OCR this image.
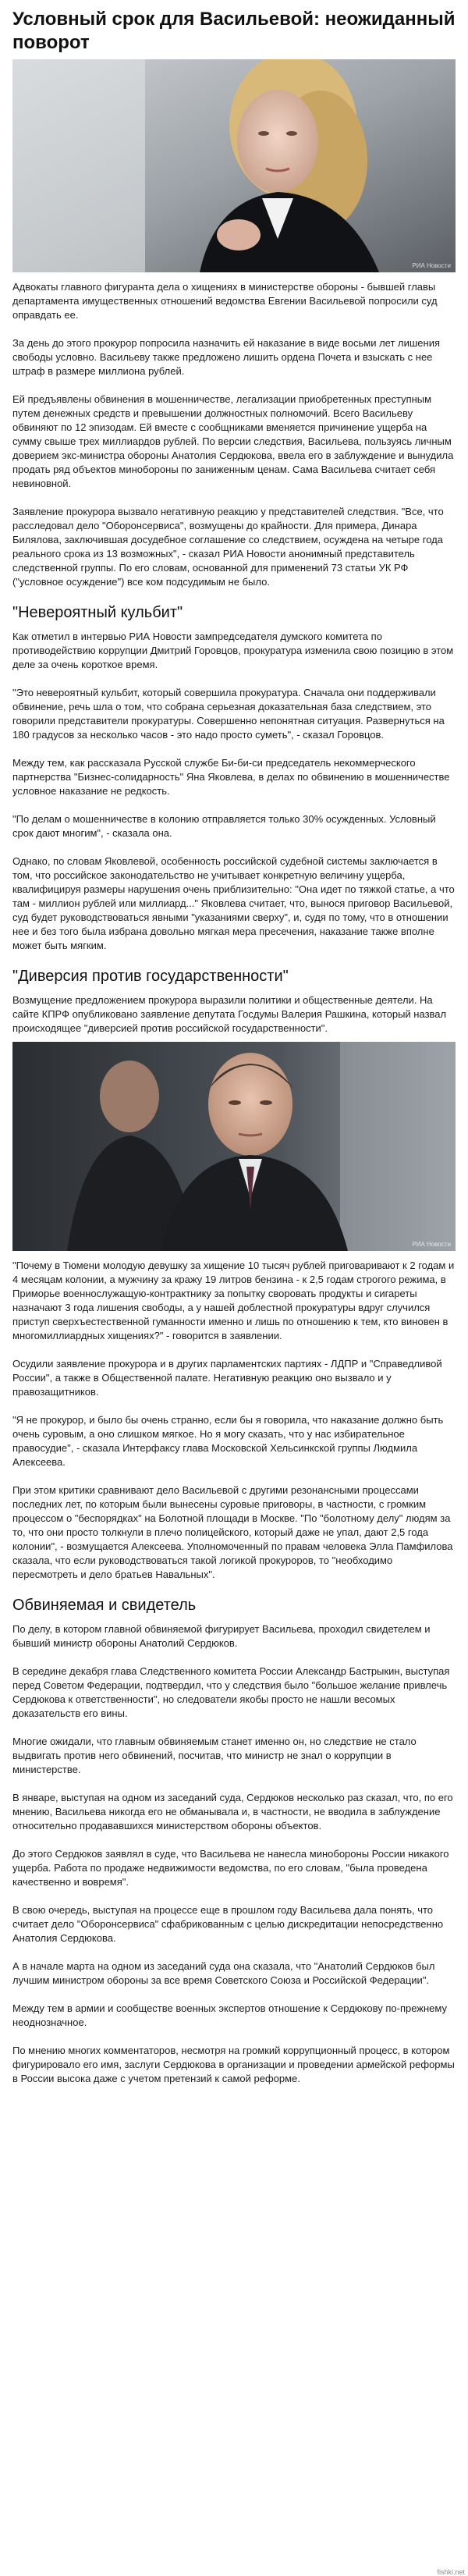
Условный срок для Васильевой: неожиданный поворот
РИА Новости

Адвокаты главного фигуранта дела о хищениях в министерстве обороны - бывшей главы департамента имущественных отношений ведомства Евгении Васильевой попросили суд оправдать ее.

За день до этого прокурор попросила назначить ей наказание в виде восьми лет лишения свободы условно. Васильеву также предложено лишить ордена Почета и взыскать с нее штраф в размере миллиона рублей.

Ей предъявлены обвинения в мошенничестве, легализации приобретенных преступным путем денежных средств и превышении должностных полномочий. Всего Васильеву обвиняют по 12 эпизодам. Ей вместе с сообщниками вменяется причинение ущерба на сумму свыше трех миллиардов рублей. По версии следствия, Васильева, пользуясь личным доверием экс-министра обороны Анатолия Сердюкова, ввела его в заблуждение и вынудила продать ряд объектов минобороны по заниженным ценам. Сама Васильева считает себя невиновной.

Заявление прокурора вызвало негативную реакцию у представителей следствия. "Все, что расследовал дело "Оборонсервиса", возмущены до крайности. Для примера, Динара Билялова, заключившая досудебное соглашение со следствием, осуждена на четыре года реального срока из 13 возможных", - сказал РИА Новости анонимный представитель следственной группы. По его словам, основанной для применений 73 статьи УК РФ ("условное осуждение") все ком подсудимым не было.

"Невероятный кульбит"

Как отметил в интервью РИА Новости зампредседателя думского комитета по противодействию коррупции Дмитрий Горовцов, прокуратура изменила свою позицию в этом деле за очень короткое время.

"Это невероятный кульбит, который совершила прокуратура. Сначала они поддерживали обвинение, речь шла о том, что собрана серьезная доказательная база следствием, это говорили представители прокуратуры. Совершенно непонятная ситуация. Развернуться на 180 градусов за несколько часов - это надо просто суметь", - сказал Горовцов.

Между тем, как рассказала Русской службе Би-би-си председатель некоммерческого партнерства "Бизнес-солидарность" Яна Яковлева, в делах по обвинению в мошенничестве условное наказание не редкость.

"По делам о мошенничестве в колонию отправляется только 30% осужденных. Условный срок дают многим", - сказала она.

Однако, по словам Яковлевой, особенность российской судебной системы заключается в том, что российское законодательство не учитывает конкретную величину ущерба, квалифицируя размеры нарушения очень приблизительно: "Она идет по тяжкой статье, а что там - миллион рублей или миллиард..." Яковлева считает, что, вынося приговор Васильевой, суд будет руководствоваться явными "указаниями сверху", и, судя по тому, что в отношении нее и без того была избрана довольно мягкая мера пресечения, наказание также вполне может быть мягким.

"Диверсия против государственности"

Возмущение предложением прокурора выразили политики и общественные деятели. На сайте КПРФ опубликовано заявление депутата Госдумы Валерия Рашкина, который назвал происходящее "диверсией против российской государственности".

РИА Новости

"Почему в Тюмени молодую девушку за хищение 10 тысяч рублей приговаривают к 2 годам и 4 месяцам колонии, а мужчину за кражу 19 литров бензина - к 2,5 годам строгого режима, в Приморье военнослужащую-контрактнику за попытку своровать продукты и сигареты назначают 3 года лишения свободы, а у нашей доблестной прокуратуры вдруг случился приступ сверхъестественной гуманности именно и лишь по отношению к тем, кто виновен в многомиллиардных хищениях?" - говорится в заявлении.

Осудили заявление прокурора и в других парламентских партиях - ЛДПР и "Справедливой России", а также в Общественной палате. Негативную реакцию оно вызвало и у правозащитников.

"Я не прокурор, и было бы очень странно, если бы я говорила, что наказание должно быть очень суровым, а оно слишком мягкое. Но я могу сказать, что у нас избирательное правосудие", - сказала Интерфаксу глава Московской Хельсинкской группы Людмила Алексеева.

При этом критики сравнивают дело Васильевой с другими резонансными процессами последних лет, по которым были вынесены суровые приговоры, в частности, с громким процессом о "беспорядках" на Болотной площади в Москве. "По "болотному делу" людям за то, что они просто толкнули в плечо полицейского, который даже не упал, дают 2,5 года колонии", - возмущается Алексеева. Уполномоченный по правам человека Элла Памфилова сказала, что если руководствоваться такой логикой прокуроров, то "необходимо пересмотреть и дело братьев Навальных".

Обвиняемая и свидетель

По делу, в котором главной обвиняемой фигурирует Васильева, проходил свидетелем и бывший министр обороны Анатолий Сердюков.

В середине декабря глава Следственного комитета России Александр Бастрыкин, выступая перед Советом Федерации, подтвердил, что у следствия было "большое желание привлечь Сердюкова к ответственности", но следователи якобы просто не нашли весомых доказательств его вины.

Многие ожидали, что главным обвиняемым станет именно он, но следствие не стало выдвигать против него обвинений, посчитав, что министр не знал о коррупции в министерстве.

В январе, выступая на одном из заседаний суда, Сердюков несколько раз сказал, что, по его мнению, Васильева никогда его не обманывала и, в частности, не вводила в заблуждение относительно продававшихся министерством обороны объектов.

До этого Сердюков заявлял в суде, что Васильева не нанесла минобороны России никакого ущерба. Работа по продаже недвижимости ведомства, по его словам, "была проведена качественно и вовремя".

В свою очередь, выступая на процессе еще в прошлом году Васильева дала понять, что считает дело "Оборонсервиса" сфабрикованным с целью дискредитации непосредственно Анатолия Сердюкова.

А в начале марта на одном из заседаний суда она сказала, что "Анатолий Сердюков был лучшим министром обороны за все время Советского Союза и Российской Федерации".

Между тем в армии и сообществе военных экспертов отношение к Сердюкову по-прежнему неоднозначное.

По мнению многих комментаторов, несмотря на громкий коррупционный процесс, в котором фигурировало его имя, заслуги Сердюкова в организации и проведении армейской реформы в России высока даже с учетом претензий к самой реформе.

fishki.net
